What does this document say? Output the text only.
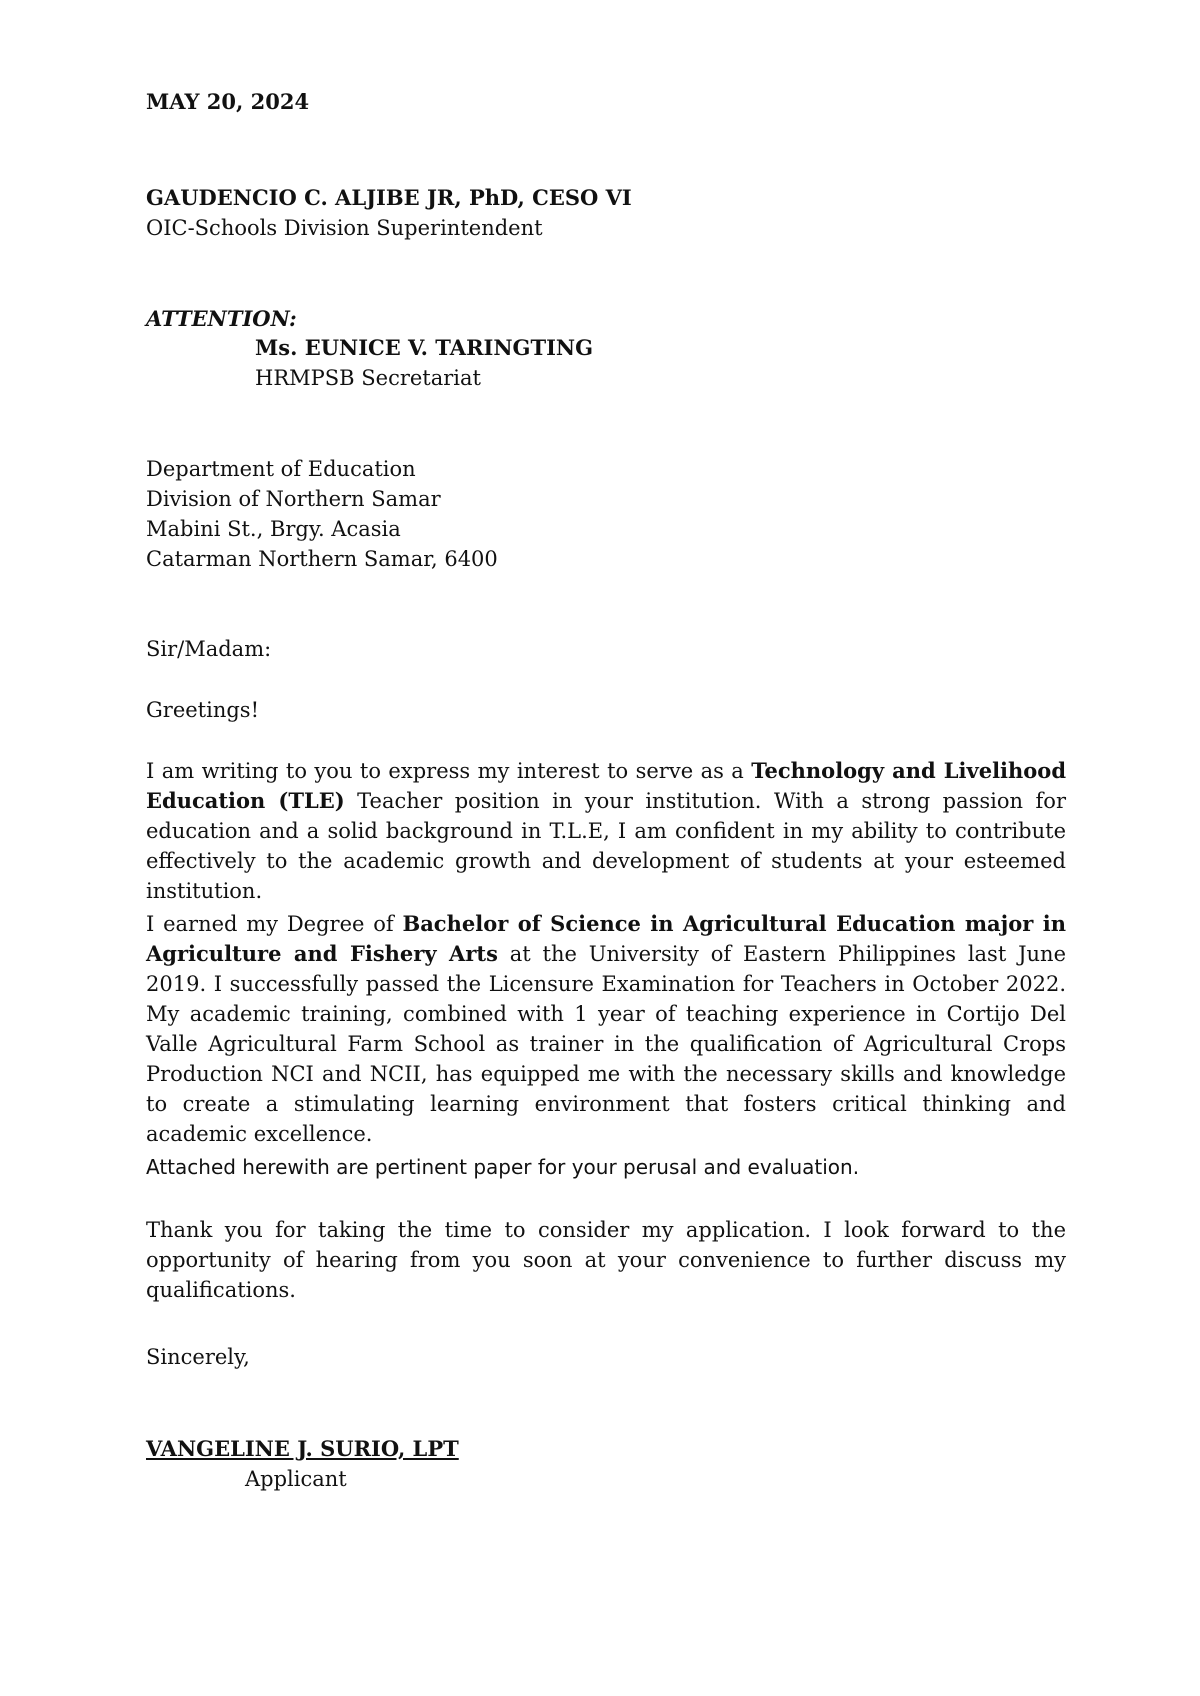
MAY 20, 2024

GAUDENCIO C. ALJIBE JR, PhD, CESO VI

OIC-Schools Division Superintendent

ATTENTION:

Ms. EUNICE V. TARINGTING

HRMPSB Secretariat

Department of Education

Division of Northern Samar

Mabini St., Brgy. Acasia

Catarman Northern Samar, 6400

Sir/Madam:

Greetings!

I am writing to you to express my interest to serve as a Technology and Livelihood Education (TLE) Teacher position in your institution. With a strong passion for education and a solid background in T.L.E, I am confident in my ability to contribute effectively to the academic growth and development of students at your esteemed institution.

I earned my Degree of Bachelor of Science in Agricultural Education major in Agriculture and Fishery Arts at the University of Eastern Philippines last June 2019. I successfully passed the Licensure Examination for Teachers in October 2022. My academic training, combined with 1 year of teaching experience in Cortijo Del Valle Agricultural Farm School as trainer in the qualification of Agricultural Crops Production NCI and NCII, has equipped me with the necessary skills and knowledge to create a stimulating learning environment that fosters critical thinking and academic excellence.

Attached herewith are pertinent paper for your perusal and evaluation.

Thank you for taking the time to consider my application. I look forward to the opportunity of hearing from you soon at your convenience to further discuss my qualifications.

Sincerely,

VANGELINE J. SURIO, LPT

Applicant
